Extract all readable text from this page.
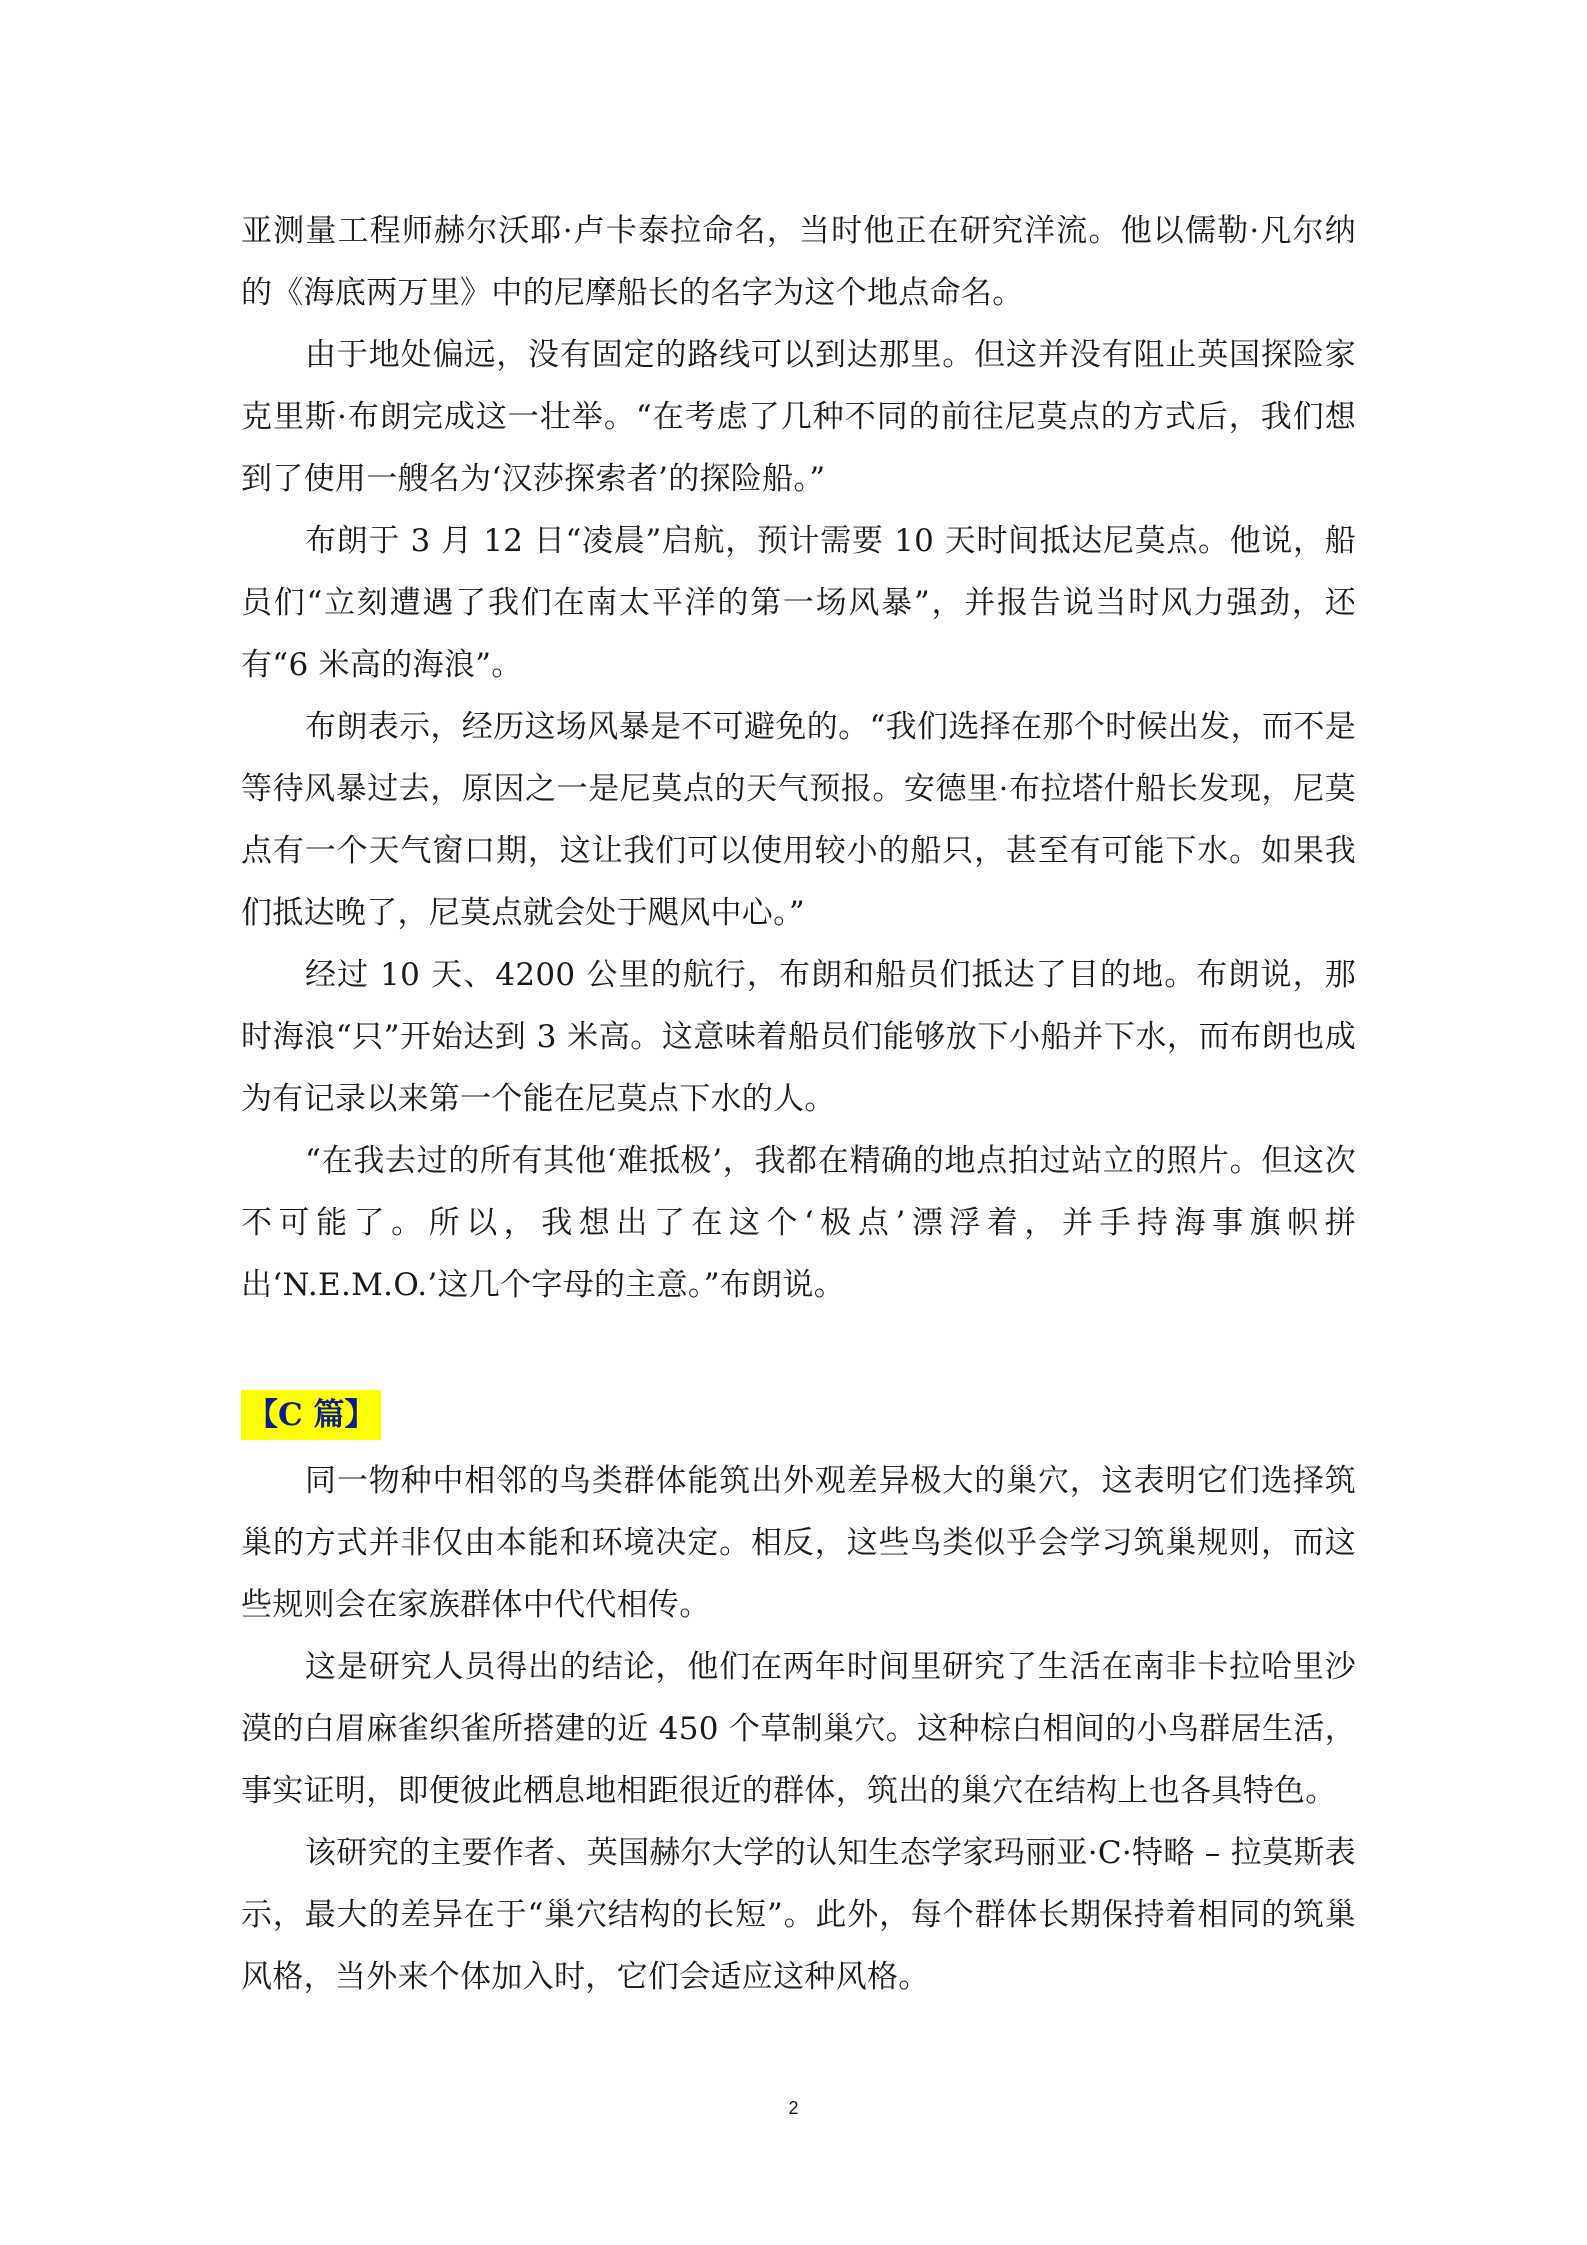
亚测量工程师赫尔沃耶·卢卡泰拉命名，当时他正在研究洋流。他以儒勒·凡尔纳的《海底两万里》中的尼摩船长的名字为这个地点命名。

由于地处偏远，没有固定的路线可以到达那里。但这并没有阻止英国探险家克里斯·布朗完成这一壮举。“在考虑了几种不同的前往尼莫点的方式后，我们想到了使用一艘名为‘汉莎探索者’的探险船。”

布朗于 3 月 12 日“凌晨”启航，预计需要 10 天时间抵达尼莫点。他说，船员们“立刻遭遇了我们在南太平洋的第一场风暴”，并报告说当时风力强劲，还有“6 米高的海浪”。

布朗表示，经历这场风暴是不可避免的。“我们选择在那个时候出发，而不是等待风暴过去，原因之一是尼莫点的天气预报。安德里·布拉塔什船长发现，尼莫点有一个天气窗口期，这让我们可以使用较小的船只，甚至有可能下水。如果我们抵达晚了，尼莫点就会处于飓风中心。”

经过 10 天、4200 公里的航行，布朗和船员们抵达了目的地。布朗说，那时海浪“只”开始达到 3 米高。这意味着船员们能够放下小船并下水，而布朗也成为有记录以来第一个能在尼莫点下水的人。

“在我去过的所有其他‘难抵极’，我都在精确的地点拍过站立的照片。但这次不可能了。所以，我想出了在这个‘极点’漂浮着，并手持海事旗帜拼出‘N.E.M.O.’这几个字母的主意。”布朗说。

【C 篇】

同一物种中相邻的鸟类群体能筑出外观差异极大的巢穴，这表明它们选择筑巢的方式并非仅由本能和环境决定。相反，这些鸟类似乎会学习筑巢规则，而这些规则会在家族群体中代代相传。

这是研究人员得出的结论，他们在两年时间里研究了生活在南非卡拉哈里沙漠的白眉麻雀织雀所搭建的近 450 个草制巢穴。这种棕白相间的小鸟群居生活，事实证明，即便彼此栖息地相距很近的群体，筑出的巢穴在结构上也各具特色。

该研究的主要作者、英国赫尔大学的认知生态学家玛丽亚·C·特略 – 拉莫斯表示，最大的差异在于“巢穴结构的长短”。此外，每个群体长期保持着相同的筑巢风格，当外来个体加入时，它们会适应这种风格。

2
